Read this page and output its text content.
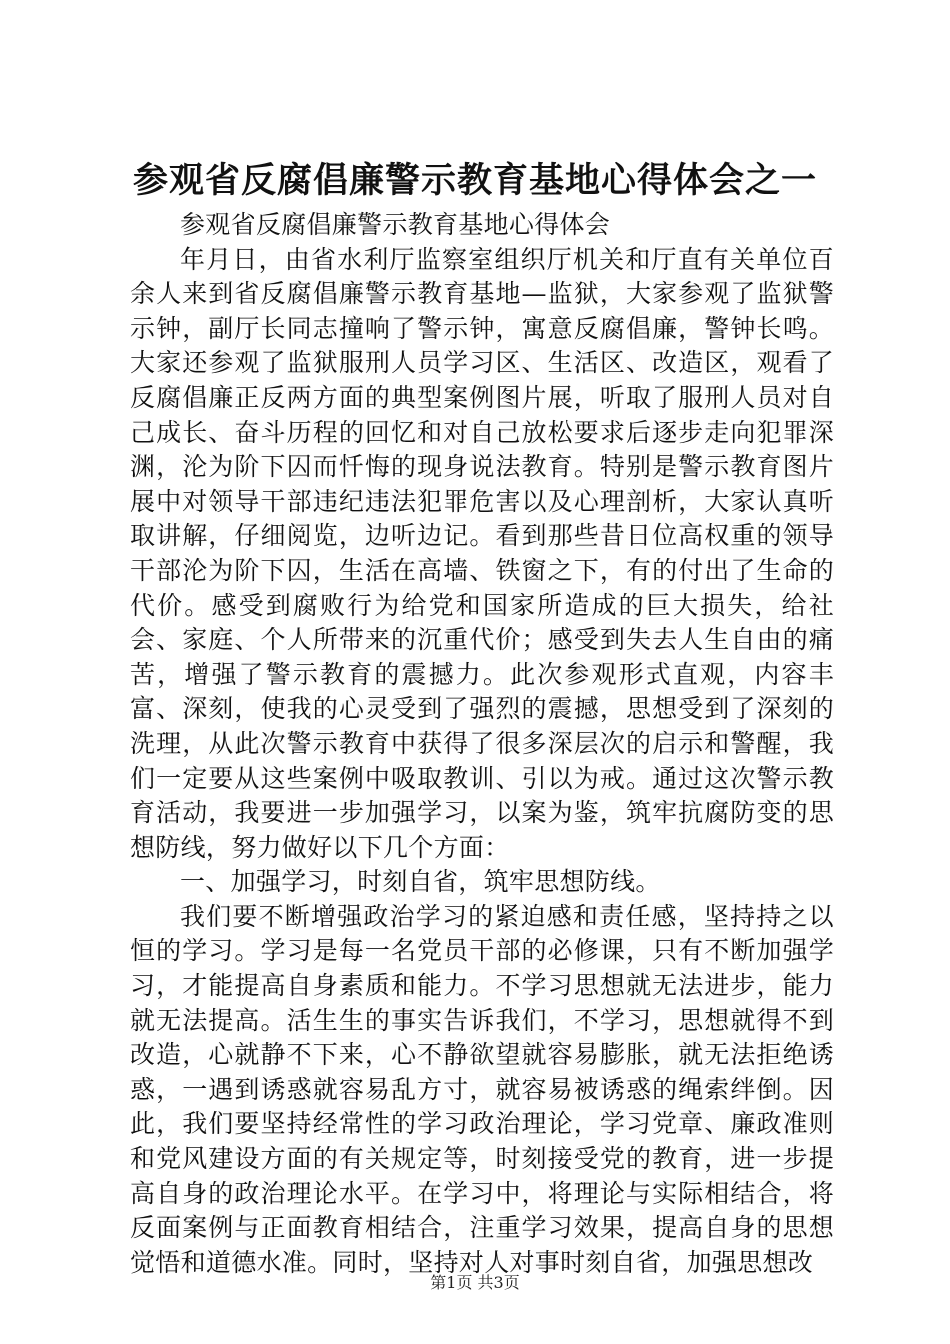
参观省反腐倡廉警示教育基地心得体会之一

参观省反腐倡廉警示教育基地心得体会

年月日，由省水利厅监察室组织厅机关和厅直有关单位百余人来到省反腐倡廉警示教育基地—监狱，大家参观了监狱警示钟，副厅长同志撞响了警示钟，寓意反腐倡廉，警钟长鸣。大家还参观了监狱服刑人员学习区、生活区、改造区，观看了反腐倡廉正反两方面的典型案例图片展，听取了服刑人员对自己成长、奋斗历程的回忆和对自己放松要求后逐步走向犯罪深渊，沦为阶下囚而忏悔的现身说法教育。特别是警示教育图片展中对领导干部违纪违法犯罪危害以及心理剖析，大家认真听取讲解，仔细阅览，边听边记。看到那些昔日位高权重的领导干部沦为阶下囚，生活在高墙、铁窗之下，有的付出了生命的代价。感受到腐败行为给党和国家所造成的巨大损失，给社会、家庭、个人所带来的沉重代价；感受到失去人生自由的痛苦，增强了警示教育的震撼力。此次参观形式直观，内容丰富、深刻，使我的心灵受到了强烈的震撼，思想受到了深刻的洗理，从此次警示教育中获得了很多深层次的启示和警醒，我们一定要从这些案例中吸取教训、引以为戒。通过这次警示教育活动，我要进一步加强学习，以案为鉴，筑牢抗腐防变的思想防线，努力做好以下几个方面：

一、加强学习，时刻自省，筑牢思想防线。

我们要不断增强政治学习的紧迫感和责任感，坚持持之以恒的学习。学习是每一名党员干部的必修课，只有不断加强学习，才能提高自身素质和能力。不学习思想就无法进步，能力就无法提高。活生生的事实告诉我们，不学习，思想就得不到改造，心就静不下来，心不静欲望就容易膨胀，就无法拒绝诱惑，一遇到诱惑就容易乱方寸，就容易被诱惑的绳索绊倒。因此，我们要坚持经常性的学习政治理论，学习党章、廉政准则和党风建设方面的有关规定等，时刻接受党的教育，进一步提高自身的政治理论水平。在学习中，将理论与实际相结合，将反面案例与正面教育相结合，注重学习效果，提高自身的思想觉悟和道德水准。同时，坚持对人对事时刻自省，加强思想改

第1页 共3页
